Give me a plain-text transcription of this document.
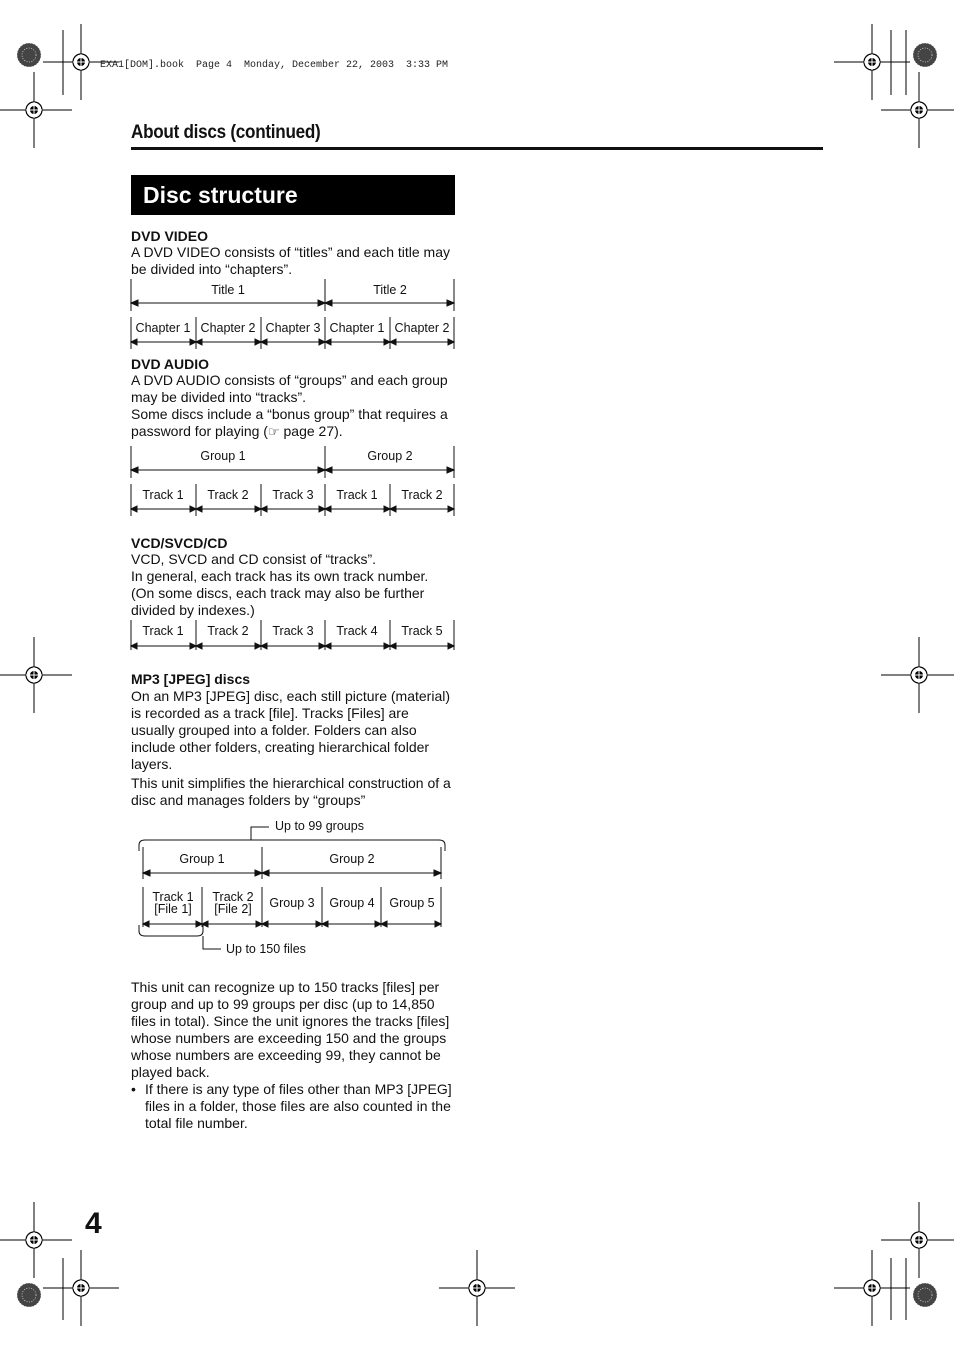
EXA1[DOM].book  Page 4  Monday, December 22, 2003  3:33 PM
About discs (continued)
Disc structure
DVD VIDEO
A DVD VIDEO consists of “titles” and each title may be divided into “chapters”.
Title 1	Title 2
Chapter 1 Chapter 2 Chapter 3 Chapter 1 Chapter 2
DVD AUDIO
A DVD AUDIO consists of “groups” and each group may be divided into “tracks”.
Some discs include a “bonus group” that requires a password for playing (☞ page 27).
Group 1	Group 2
Track 1 Track 2 Track 3 Track 1 Track 2
VCD/SVCD/CD
VCD, SVCD and CD consist of “tracks”.
In general, each track has its own track number. (On some discs, each track may also be further divided by indexes.)
Track 1 Track 2 Track 3 Track 4 Track 5
MP3 [JPEG] discs
On an MP3 [JPEG] disc, each still picture (material) is recorded as a track [file]. Tracks [Files] are usually grouped into a folder. Folders can also include other folders, creating hierarchical folder layers.
This unit simplifies the hierarchical construction of a disc and manages folders by “groups”
Up to 99 groups
Up to 150 files
Group 1	Group 2
Track 1
[File 1]
Track 2
[File 2] Group 3 Group 4 Group 5
This unit can recognize up to 150 tracks [files] per group and up to 99 groups per disc (up to 14,850 files in total). Since the unit ignores the tracks [files] whose numbers are exceeding 150 and the groups whose numbers are exceeding 99, they cannot be played back.
• If there is any type of files other than MP3 [JPEG] files in a folder, those files are also counted in the total file number.
4
